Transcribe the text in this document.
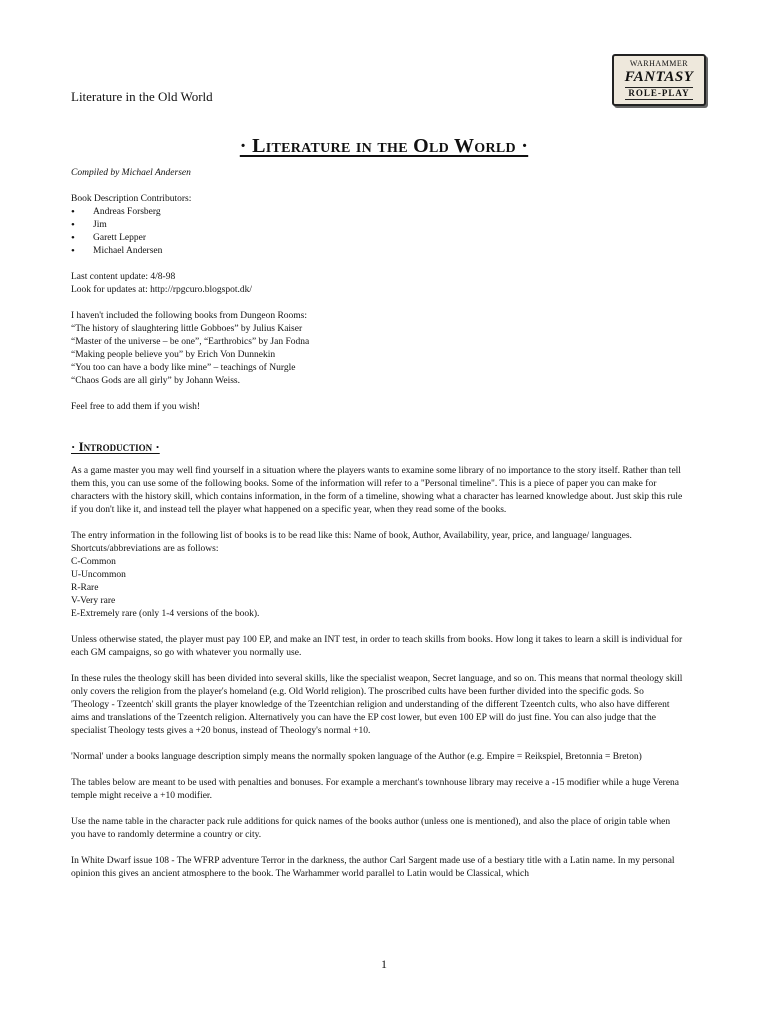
WARHAMMER
FANTASY
ROLE-PLAY
Literature in the Old World
· Literature in the Old World ·

Compiled by Michael Andersen

Book Description Contributors:

• Andreas Forsberg
• Jim
• Garett Lepper
• Michael Andersen

Last content update: 4/8-98

Look for updates at: http://rpgcuro.blogspot.dk/

I haven't included the following books from Dungeon Rooms:

“The history of slaughtering little Gobboes” by Julius Kaiser

“Master of the universe – be one”, “Earthrobics” by Jan Fodna

“Making people believe you” by Erich Von Dunnekin

“You too can have a body like mine” – teachings of Nurgle

“Chaos Gods are all girly” by Johann Weiss.

Feel free to add them if you wish!

· Introduction ·

As a game master you may well find yourself in a situation where the players wants to examine some library of no importance to the story itself. Rather than tell them this, you can use some of the following books. Some of the information will refer to a "Personal timeline". This is a piece of paper you can make for characters with the history skill, which contains information, in the form of a timeline, showing what a character has learned knowledge about. Just skip this rule if you don't like it, and instead tell the player what happened on a specific year, when they read some of the books.

The entry information in the following list of books is to be read like this: Name of book, Author, Availability, year, price, and language/ languages. Shortcuts/abbreviations are as follows:

C-Common

U-Uncommon

R-Rare

V-Very rare

E-Extremely rare (only 1-4 versions of the book).

Unless otherwise stated, the player must pay 100 EP, and make an INT test, in order to teach skills from books. How long it takes to learn a skill is individual for each GM campaigns, so go with whatever you normally use.

In these rules the theology skill has been divided into several skills, like the specialist weapon, Secret language, and so on. This means that normal theology skill only covers the religion from the player's homeland (e.g. Old World religion). The proscribed cults have been further divided into the specific gods. So 'Theology - Tzeentch' skill grants the player knowledge of the Tzeentchian religion and understanding of the different Tzeentch cults, who also have different aims and translations of the Tzeentch religion. Alternatively you can have the EP cost lower, but even 100 EP will do just fine. You can also judge that the specialist Theology tests gives a +20 bonus, instead of Theology's normal +10.

'Normal' under a books language description simply means the normally spoken language of the Author (e.g. Empire = Reikspiel, Bretonnia = Breton)

The tables below are meant to be used with penalties and bonuses. For example a merchant's townhouse library may receive a -15 modifier while a huge Verena temple might receive a +10 modifier.

Use the name table in the character pack rule additions for quick names of the books author (unless one is mentioned), and also the place of origin table when you have to randomly determine a country or city.

In White Dwarf issue 108 - The WFRP adventure Terror in the darkness, the author Carl Sargent made use of a bestiary title with a Latin name. In my personal opinion this gives an ancient atmosphere to the book. The Warhammer world parallel to Latin would be Classical, which

1
